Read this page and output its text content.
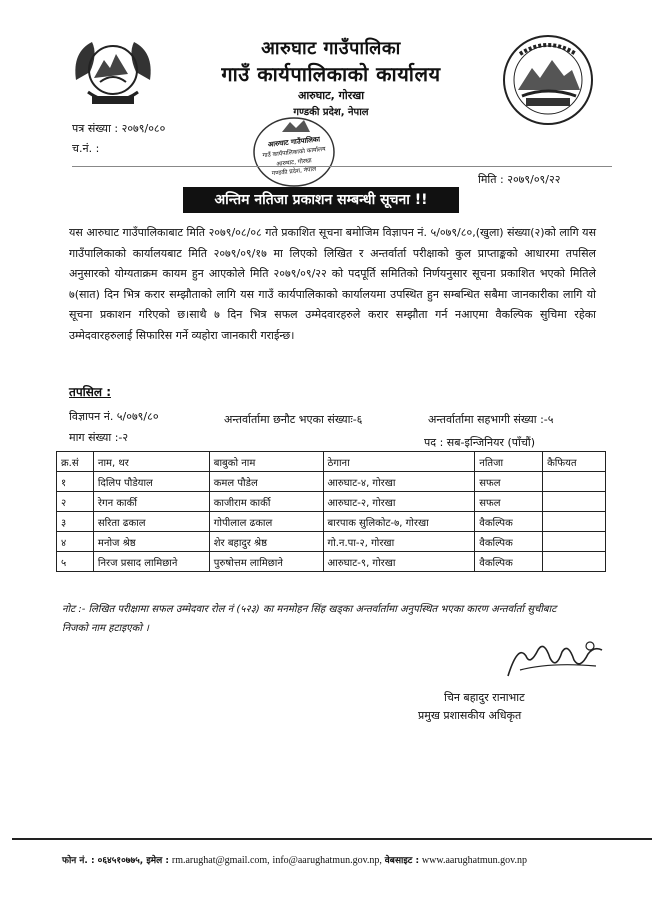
आरुघाट गाउँपालिका
गाउँ कार्यपालिकाको कार्यालय
आरुघाट, गोरखा
गण्डकी प्रदेश, नेपाल
पत्र संख्या : २०७९/०८०
च.नं. :	आरुघाट गाउँपालिका
गाउँ कार्यपालिकाको कार्यालय
आरुघाट, गोरखा
गण्डकी प्रदेश, नेपाल
मिति : २०७९/०९/२२
अन्तिम नतिजा प्रकाशन सम्बन्धी सूचना !!
यस आरुघाट गाउँपालिकाबाट मिति २०७९/०८/०८ गते प्रकाशित सूचना बमोजिम विज्ञापन नं. ५/०७९/८०,(खुला) संख्या(२)को लागि यस गाउँपालिकाको कार्यालयबाट मिति २०७९/०९/१७ मा लिएको लिखित र अन्तर्वार्ता परीक्षाको कुल प्राप्ताङ्कको आधारमा तपसिल अनुसारको योग्यताक्रम कायम हुन आएकोले मिति २०७९/०९/२२ को पदपूर्ति समितिको निर्णयनुसार सूचना प्रकाशित भएको मितिले ७(सात) दिन भित्र करार सम्झौताको लागि यस गाउँ कार्यपालिकाको कार्यालयमा उपस्थित हुन सम्बन्धित सबैमा जानकारीका लागि यो सूचना प्रकाशन गरिएको छ।साथै ७ दिन भित्र सफल उम्मेदवारहरुले करार सम्झौता गर्न नआएमा वैकल्पिक सुचिमा रहेका उम्मेदवारहरुलाई सिफारिस गर्ने व्यहोरा जानकारी गराईन्छ।
तपसिल :
विज्ञापन नं. ५/०७९/८०	अन्तर्वार्तामा छनौट भएका संख्याः-६	अन्तर्वार्तामा सहभागी संख्या :-५
माग संख्या :-२	पद : सब-इन्जिनियर (पाँचौं)
क्र.सं	नाम, थर	बाबुको नाम	ठेगाना	नतिजा	कैफियत
१	दिलिप पौडेयाल	कमल पौडेल	आरुघाट-४, गोरखा	सफल	
२	रेगन कार्की	काजीराम कार्की	आरुघाट-२, गोरखा	सफल	
३	सरिता ढकाल	गोपीलाल ढकाल	बारपाक सुलिकोट-७, गोरखा	वैकल्पिक	
४	मनोज श्रेष्ठ	शेर बहादुर श्रेष्ठ	गो.न.पा-२, गोरखा	वैकल्पिक	
५	निरज प्रसाद लामिछाने	पुरुषोत्तम लामिछाने	आरुघाट-९, गोरखा	वैकल्पिक	
नोट :- लिखित परीक्षामा सफल उम्मेदवार रोल नं (५२३) का मनमोहन सिंह खड्का अन्तर्वार्तामा अनुपस्थित भएका कारण अन्तर्वार्ता सुचीबाट निजको नाम हटाइएको ।
चिन बहादुर रानाभाट
प्रमुख प्रशासकीय अधिकृत
फोन नं. : ०६४५१०७७५, इमेल : rm.arughat@gmail.com, info@aarughatmun.gov.np, वेबसाइट : www.aarughatmun.gov.np
